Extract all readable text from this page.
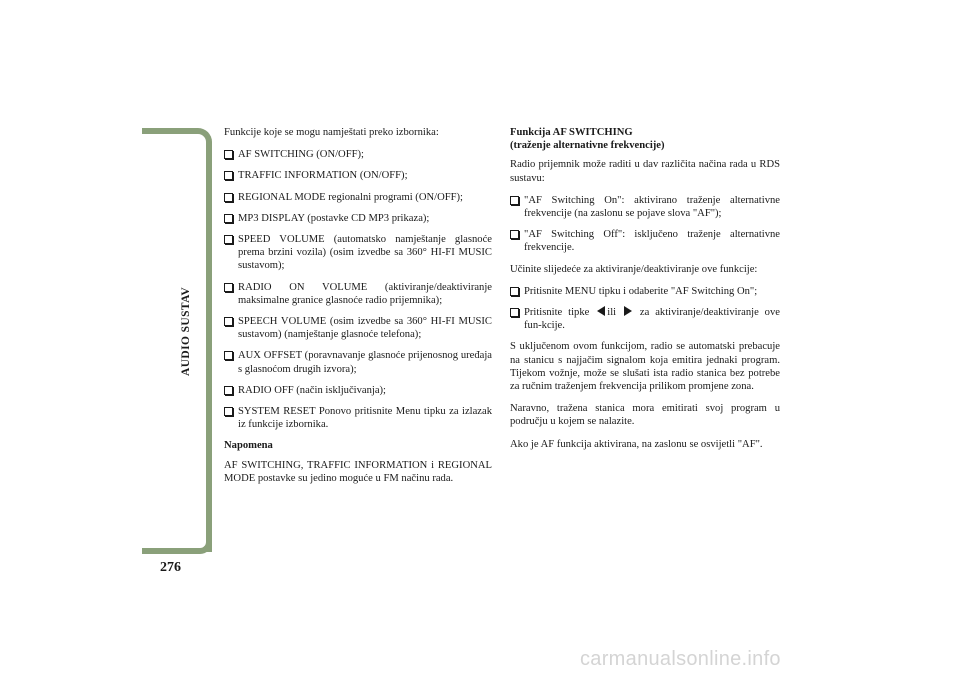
AUDIO SUSTAV
276

Funkcije koje se mogu namještati preko izbornika:

AF SWITCHING (ON/OFF);
TRAFFIC INFORMATION (ON/OFF);
REGIONAL MODE regionalni programi (ON/OFF);
MP3 DISPLAY (postavke CD MP3 prikaza);
SPEED VOLUME (automatsko namještanje glasnoće prema brzini vozila) (osim izvedbe sa 360° HI-FI MUSIC sustavom);
RADIO ON VOLUME (aktiviranje/deaktiviranje maksimalne granice glasnoće radio prijemnika);
SPEECH VOLUME (osim izvedbe sa 360° HI-FI MUSIC sustavom) (namještanje glasnoće telefona);
AUX OFFSET (poravnavanje glasnoće prijenosnog uređaja s glasnoćom drugih izvora);
RADIO OFF (način isključivanja);
SYSTEM RESET Ponovo pritisnite Menu tipku za izlazak iz funkcije izbornika.

Napomena

AF SWITCHING, TRAFFIC INFORMATION i REGIONAL MODE postavke su jedino moguće u FM načinu rada.

Funkcija AF SWITCHING
(traženje alternativne frekvencije)

Radio prijemnik može raditi u dav različita načina rada u RDS sustavu:

"AF Switching On": aktivirano traženje alternativne frekvencije (na zaslonu se pojave slova "AF");
"AF Switching Off": isključeno traženje alternativne frekvencije.

Učinite slijedeće za aktiviranje/deaktiviranje ove funkcije:

Pritisnite MENU tipku i odaberite "AF Switching On";
Pritisnite tipke ili za aktiviranje/deaktiviranje ove fun-kcije.

S uključenom ovom funkcijom, radio se automatski prebacuje na stanicu s najjačim signalom koja emitira jednaki program. Tijekom vožnje, može se slušati ista radio stanica bez potrebe za ručnim traženjem frekvencija prilikom promjene zona.

Naravno, tražena stanica mora emitirati svoj program u području u kojem se nalazite.

Ako je AF funkcija aktivirana, na zaslonu se osvijetli "AF".

carmanualsonline.info
